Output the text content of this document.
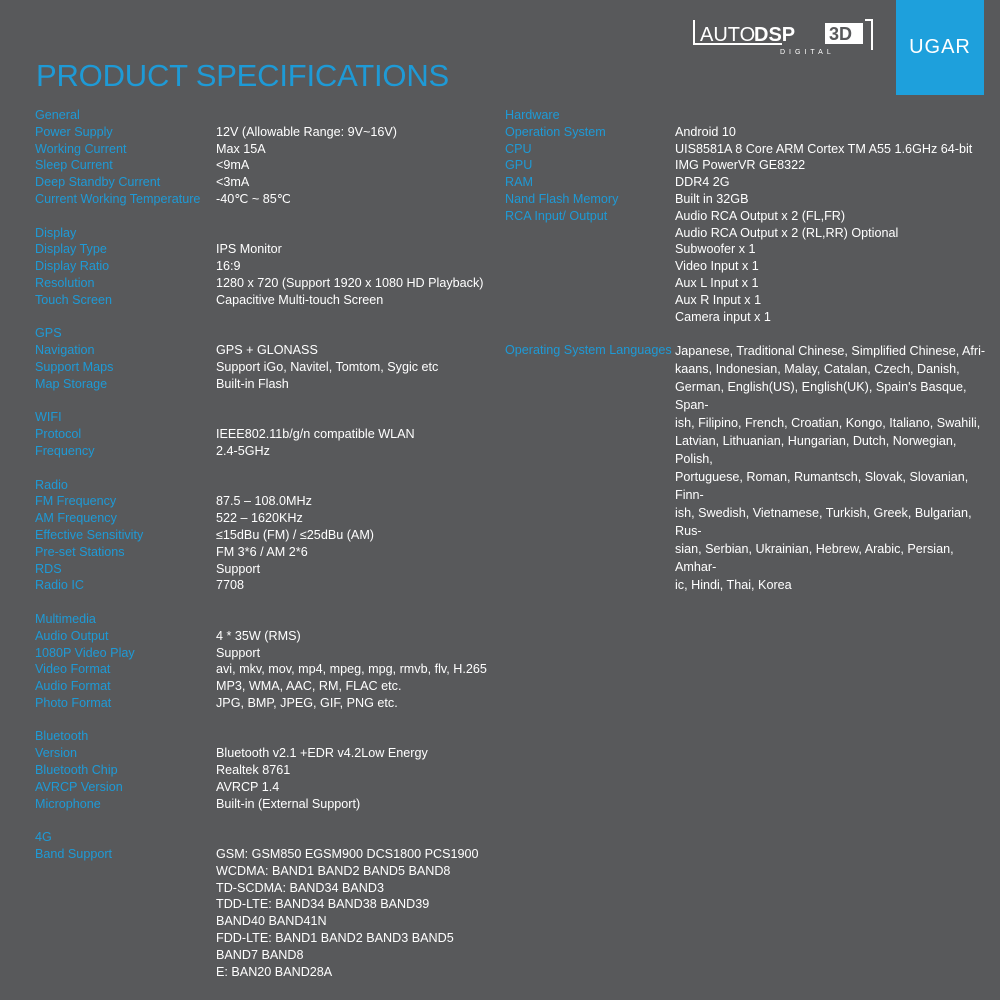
PRODUCT SPECIFICATIONS
AUTO
DSP 3D
DIGITAL	UGAR
General
Power Supply	12V (Allowable Range: 9V~16V)
Working Current	Max 15A
Sleep Current	<9mA
Deep Standby Current	<3mA
Current Working Temperature -40℃ ~ 85℃
Display
Display Type	IPS Monitor
Display Ratio	16:9
Resolution	1280 x 720 (Support 1920 x 1080 HD Playback)
Touch Screen	Capacitive Multi-touch Screen
GPS
Navigation	GPS + GLONASS
Support Maps	Support iGo, Navitel, Tomtom, Sygic etc
Map Storage	Built-in Flash
WIFI
Protocol	IEEE802.11b/g/n compatible WLAN
Frequency	2.4-5GHz
Radio
FM Frequency	87.5 – 108.0MHz
AM Frequency	522 – 1620KHz
Effective Sensitivity	≤15dBu (FM) / ≤25dBu (AM)
Pre-set Stations	FM 3*6 / AM 2*6
RDS	Support
Radio IC	7708
Multimedia
Audio Output	4 * 35W (RMS)
1080P Video Play	Support
Video Format	avi, mkv, mov, mp4, mpeg, mpg, rmvb, flv, H.265
Audio Format	MP3, WMA, AAC, RM, FLAC etc.
Photo Format	JPG, BMP, JPEG, GIF, PNG etc.
Bluetooth
Version	Bluetooth v2.1 +EDR v4.2Low Energy
Bluetooth Chip	Realtek 8761
AVRCP Version	AVRCP 1.4
Microphone	Built-in (External Support)
4G
Band Support	GSM: GSM850 EGSM900 DCS1800 PCS1900
WCDMA: BAND1 BAND2 BAND5 BAND8
TD-SCDMA: BAND34 BAND3
TDD-LTE: BAND34 BAND38 BAND39
BAND40 BAND41N
FDD-LTE: BAND1 BAND2 BAND3 BAND5
BAND7 BAND8
E: BAN20 BAND28A
Hardware
Operation System	Android 10
CPU	UIS8581A 8 Core ARM Cortex TM A55 1.6GHz 64-bit
GPU	IMG PowerVR GE8322
RAM	DDR4 2G
Nand Flash Memory	Built in 32GB
RCA Input/ Output	Audio RCA Output x 2 (FL,FR)
Audio RCA Output x 2 (RL,RR) Optional
Subwoofer x 1
Video Input x 1
Aux L Input x 1
Aux R Input x 1
Camera input x 1
Operating System Languages Japanese, Traditional Chinese, Simplified Chinese, Afri-
kaans, Indonesian, Malay, Catalan, Czech, Danish,
German, English(US), English(UK), Spain's Basque, Span-
ish, Filipino, French, Croatian, Kongo, Italiano, Swahili,
Latvian, Lithuanian, Hungarian, Dutch, Norwegian, Polish,
Portuguese, Roman, Rumantsch, Slovak, Slovanian, Finn-
ish, Swedish, Vietnamese, Turkish, Greek, Bulgarian, Rus-
sian, Serbian, Ukrainian, Hebrew, Arabic, Persian, Amhar-
ic, Hindi, Thai, Korea
